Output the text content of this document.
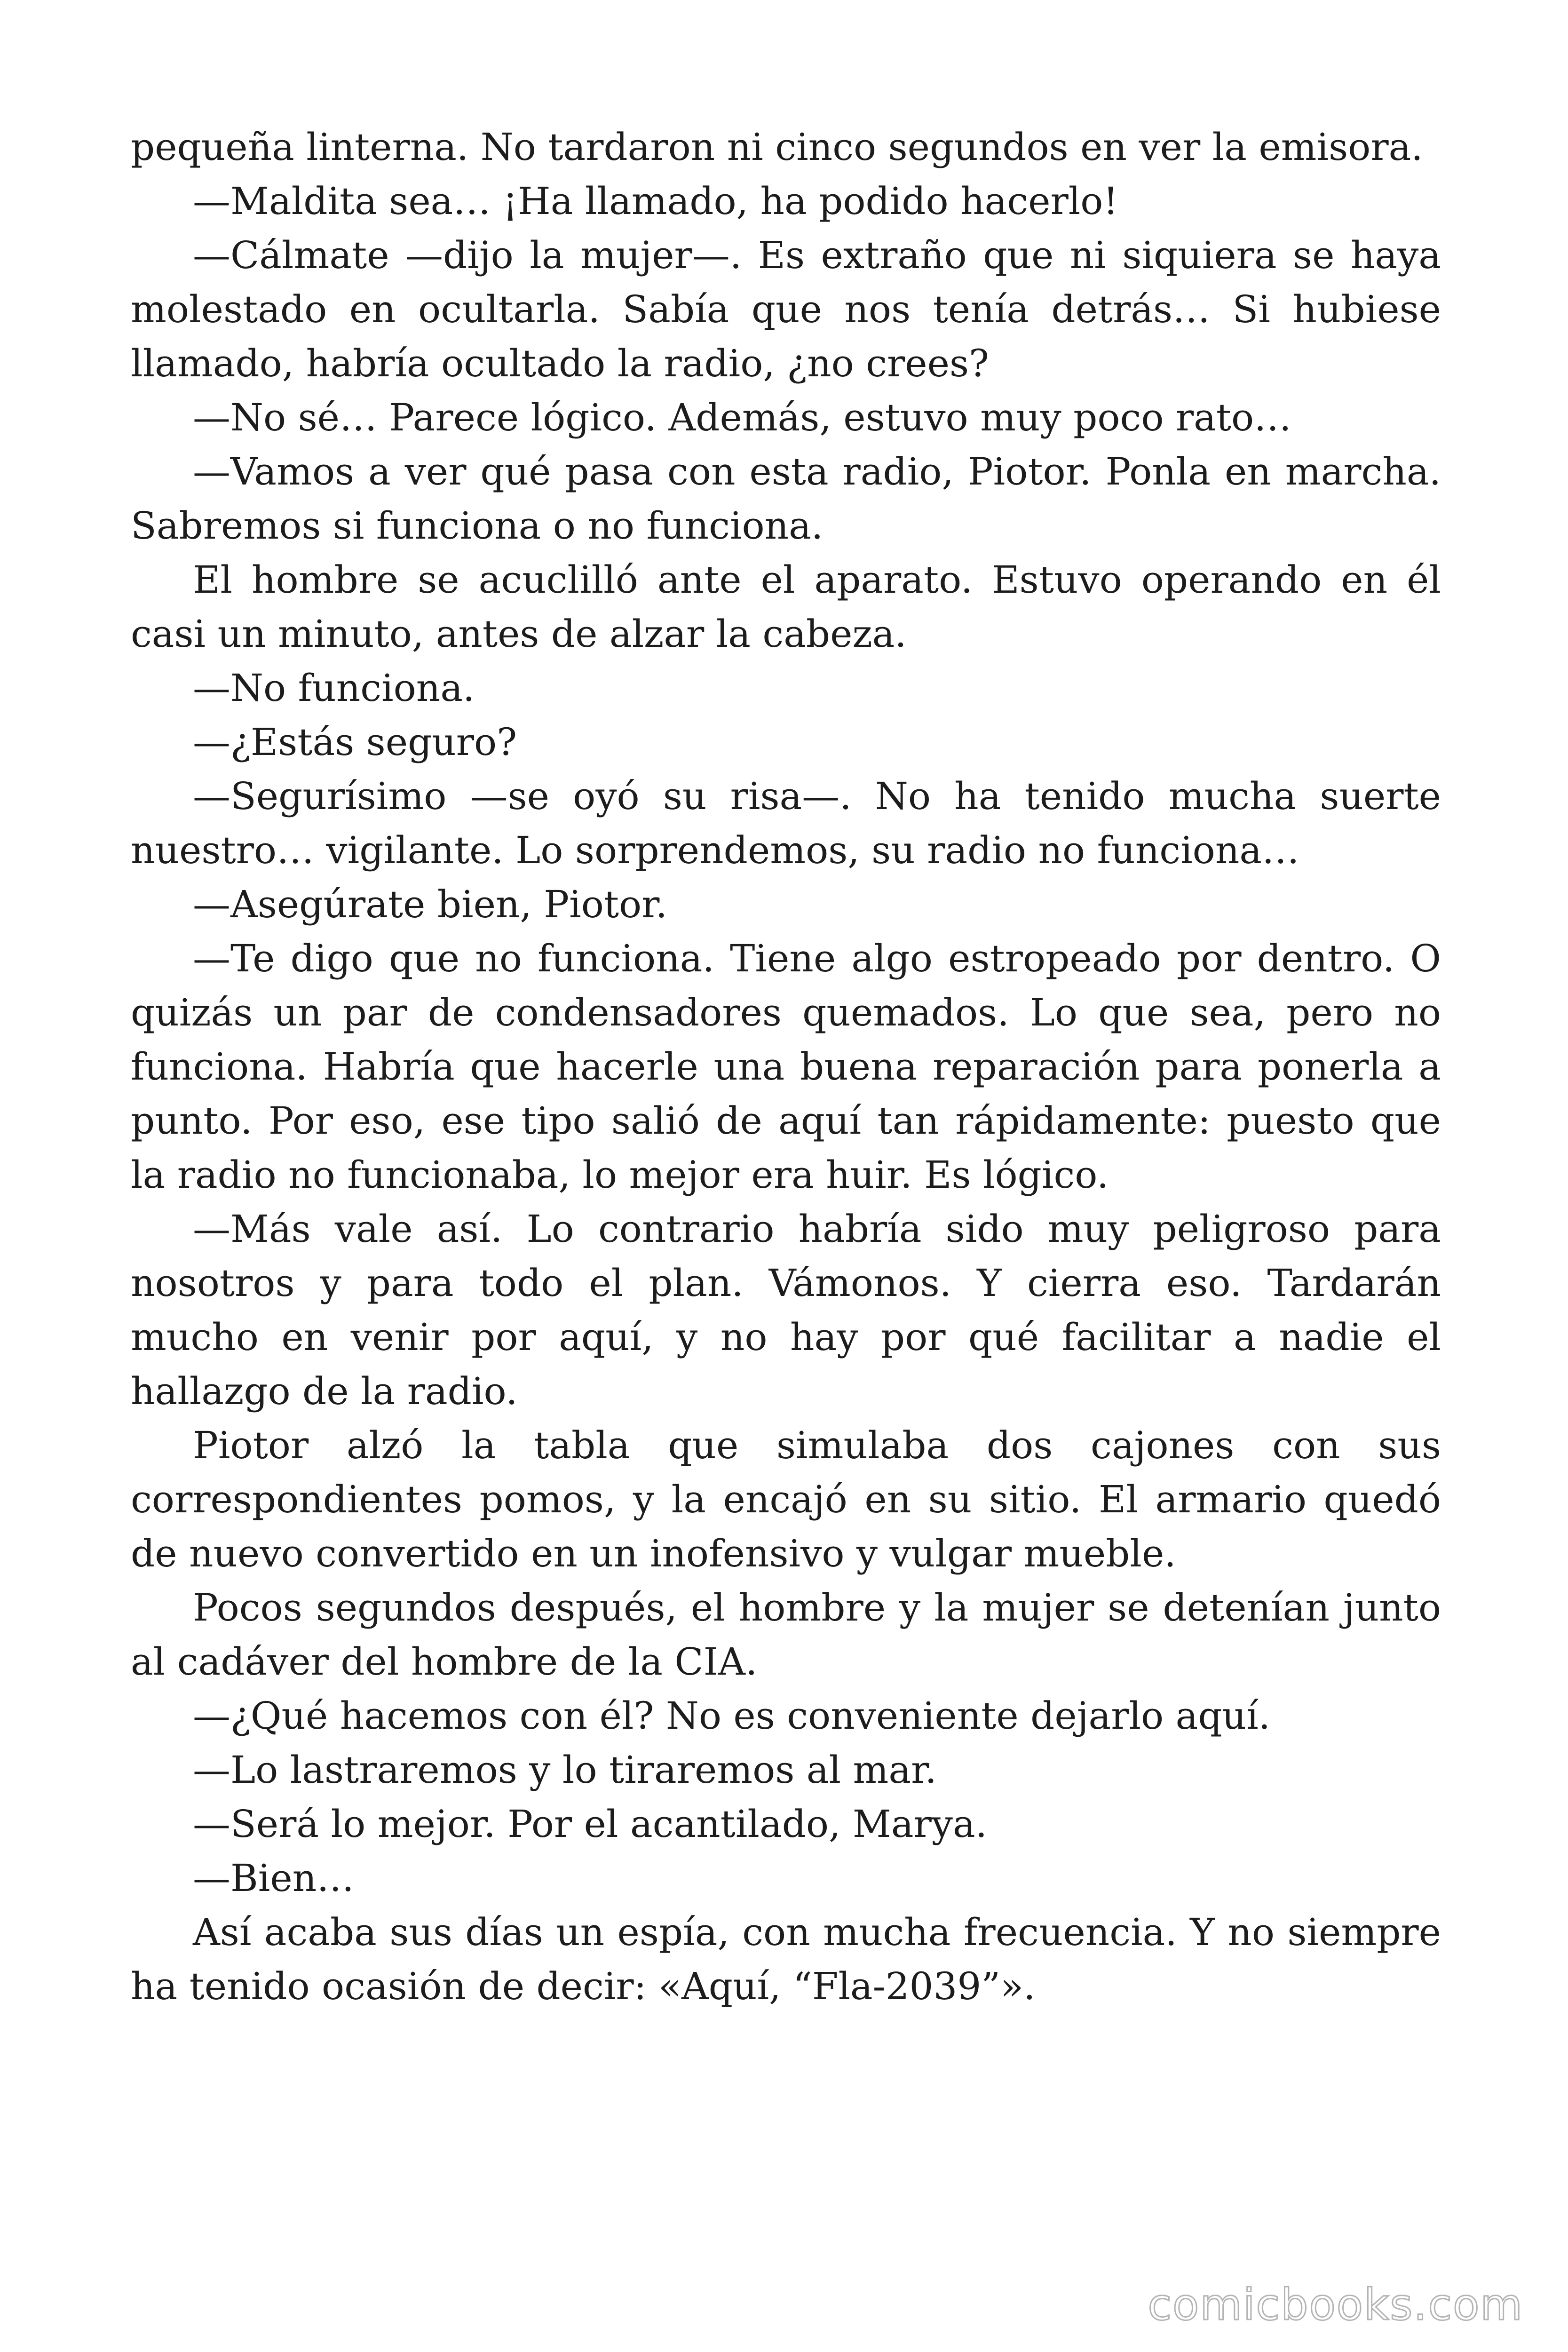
pequeña linterna. No tardaron ni cinco segundos en ver la emisora.

—Maldita sea… ¡Ha llamado, ha podido hacerlo!

—Cálmate —dijo la mujer—. Es extraño que ni siquiera se haya molestado en ocultarla. Sabía que nos tenía detrás… Si hubiese llamado, habría ocultado la radio, ¿no crees?

—No sé… Parece lógico. Además, estuvo muy poco rato…

—Vamos a ver qué pasa con esta radio, Piotor. Ponla en marcha. Sabremos si funciona o no funciona.

El hombre se acuclilló ante el aparato. Estuvo operando en él casi un minuto, antes de alzar la cabeza.

—No funciona.

—¿Estás seguro?

—Segurísimo —se oyó su risa—. No ha tenido mucha suerte nuestro… vigilante. Lo sorprendemos, su radio no funciona…

—Asegúrate bien, Piotor.

—Te digo que no funciona. Tiene algo estropeado por dentro. O quizás un par de condensadores quemados. Lo que sea, pero no funciona. Habría que hacerle una buena reparación para ponerla a punto. Por eso, ese tipo salió de aquí tan rápidamente: puesto que la radio no funcionaba, lo mejor era huir. Es lógico.

—Más vale así. Lo contrario habría sido muy peligroso para nosotros y para todo el plan. Vámonos. Y cierra eso. Tardarán mucho en venir por aquí, y no hay por qué facilitar a nadie el hallazgo de la radio.

Piotor alzó la tabla que simulaba dos cajones con sus correspondientes pomos, y la encajó en su sitio. El armario quedó de nuevo convertido en un inofensivo y vulgar mueble.

Pocos segundos después, el hombre y la mujer se detenían junto al cadáver del hombre de la CIA.

—¿Qué hacemos con él? No es conveniente dejarlo aquí.

—Lo lastraremos y lo tiraremos al mar.

—Será lo mejor. Por el acantilado, Marya.

—Bien…

Así acaba sus días un espía, con mucha frecuencia. Y no siempre ha tenido ocasión de decir: «Aquí, “Fla-2039”».

comicbooks.com
